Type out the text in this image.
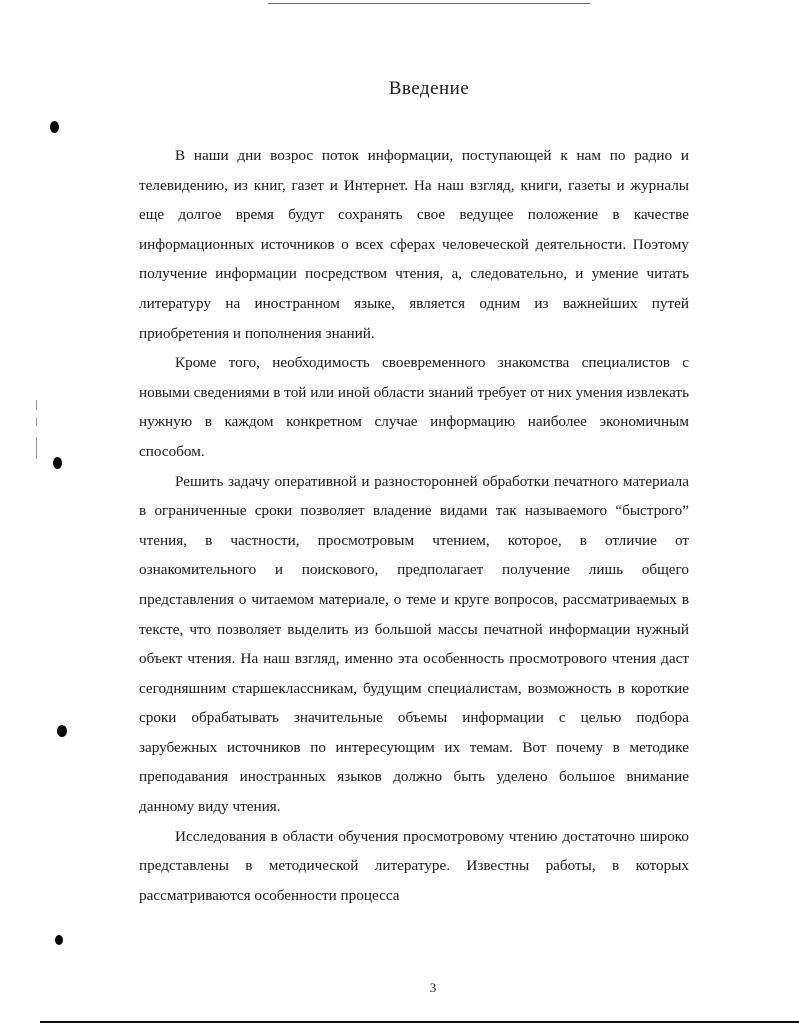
Введение

В наши дни возрос поток информации, поступающей к нам по радио и телевидению, из книг, газет и Интернет. На наш взгляд, книги, газеты и журналы еще долгое время будут сохранять свое ведущее положение в качестве информационных источников о всех сферах человеческой деятельности. Поэтому получение информации посредством чтения, а, следовательно, и умение читать литературу на иностранном языке, является одним из важнейших путей приобретения и пополнения знаний.

Кроме того, необходимость своевременного знакомства специалистов с новыми сведениями в той или иной области знаний требует от них умения извлекать нужную в каждом конкретном случае информацию наиболее экономичным способом.

Решить задачу оперативной и разносторонней обработки печатного материала в ограниченные сроки позволяет владение видами так называемого “быстрого” чтения, в частности, просмотровым чтением, которое, в отличие от ознакомительного и поискового, предполагает получение лишь общего представления о читаемом материале, о теме и круге вопросов, рассматриваемых в тексте, что позволяет выделить из большой массы печатной информации нужный объект чтения. На наш взгляд, именно эта особенность просмотрового чтения даст сегодняшним старшеклассникам, будущим специалистам, возможность в короткие сроки обрабатывать значительные объемы информации с целью подбора зарубежных источников по интересующим их темам. Вот почему в методике преподавания иностранных языков должно быть уделено большое внимание данному виду чтения.

Исследования в области обучения просмотровому чтению достаточно широко представлены в методической литературе. Известны работы, в которых рассматриваются особенности процесса

3
